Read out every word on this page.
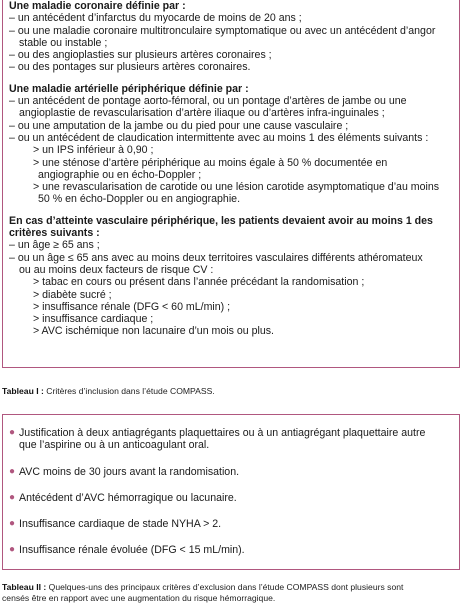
Une maladie coronaire définie par :
– un antécédent d’infarctus du myocarde de moins de 20 ans ;
– ou une maladie coronaire multitronculaire symptomatique ou avec un antécédent d’angor
stable ou instable ;
– ou des angioplasties sur plusieurs artères coronaires ;
– ou des pontages sur plusieurs artères coronaires.
Une maladie artérielle périphérique définie par :
– un antécédent de pontage aorto-fémoral, ou un pontage d’artères de jambe ou une
angioplastie de revascularisation d’artère iliaque ou d’artères infra-inguinales ;
– ou une amputation de la jambe ou du pied pour une cause vasculaire ;
– ou un antécédent de claudication intermittente avec au moins 1 des éléments suivants :
> un IPS inférieur à 0,90 ;
> une sténose d’artère périphérique au moins égale à 50 % documentée en
angiographie ou en écho-Doppler ;
> une revascularisation de carotide ou une lésion carotide asymptomatique d’au moins
50 % en écho-Doppler ou en angiographie.
En cas d’atteinte vasculaire périphérique, les patients devaient avoir au moins 1 des
critères suivants :
– un âge ≥ 65 ans ;
– ou un âge ≤ 65 ans avec au moins deux territoires vasculaires différents athéromateux
ou au moins deux facteurs de risque CV :
> tabac en cours ou présent dans l’année précédant la randomisation ;
> diabète sucré ;
> insuffisance rénale (DFG < 60 mL/min) ;
> insuffisance cardiaque ;
> AVC ischémique non lacunaire d’un mois ou plus.
Tableau I : Critères d’inclusion dans l’étude COMPASS.
● Justification à deux antiagrégants plaquettaires ou à un antiagrégant plaquettaire autre
que l’aspirine ou à un anticoagulant oral.
● AVC moins de 30 jours avant la randomisation.
● Antécédent d’AVC hémorragique ou lacunaire.
● Insuffisance cardiaque de stade NYHA > 2.
● Insuffisance rénale évoluée (DFG < 15 mL/min).
Tableau II : Quelques-uns des principaux critères d’exclusion dans l’étude COMPASS dont plusieurs sont
censés être en rapport avec une augmentation du risque hémorragique.
